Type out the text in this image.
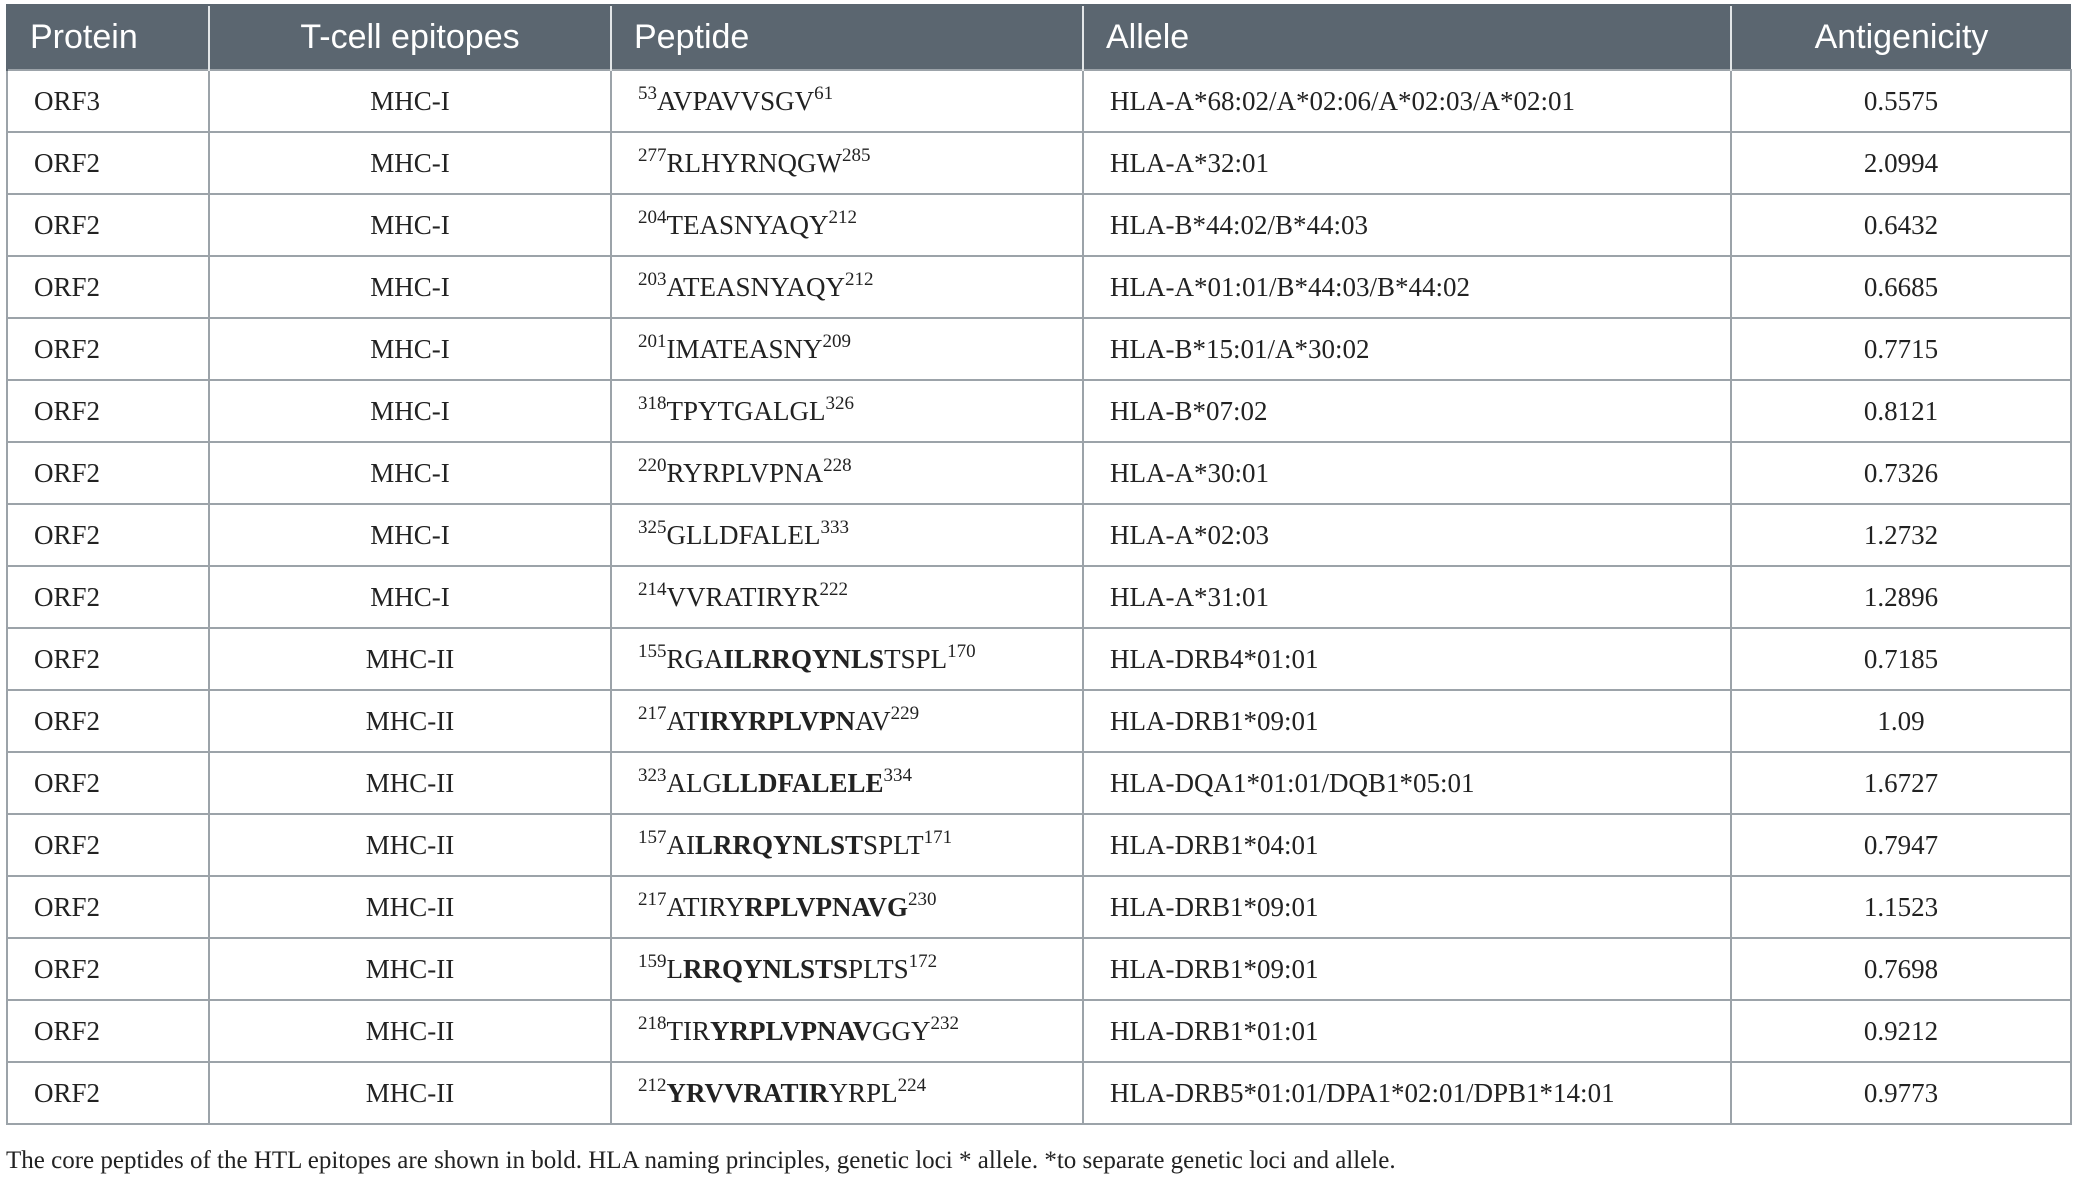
Protein	T-cell epitopes	Peptide	Allele	Antigenicity
ORF3	MHC-I	$^{53}$AVPAVVSGV$^{61}$	HLA-A*68:02/A*02:06/A*02:03/A*02:01	0.5575
ORF2	MHC-I	$^{277}$RLHYRNQGW$^{285}$	HLA-A*32:01	2.0994
ORF2	MHC-I	$^{204}$TEASNYAQY$^{212}$	HLA-B*44:02/B*44:03	0.6432
ORF2	MHC-I	$^{203}$ATEASNYAQY$^{212}$	HLA-A*01:01/B*44:03/B*44:02	0.6685
ORF2	MHC-I	$^{201}$IMATEASNY$^{209}$	HLA-B*15:01/A*30:02	0.7715
ORF2	MHC-I	$^{318}$TPYTGALGL$^{326}$	HLA-B*07:02	0.8121
ORF2	MHC-I	$^{220}$RYRPLVPNA$^{228}$	HLA-A*30:01	0.7326
ORF2	MHC-I	$^{325}$GLLDFALEL$^{333}$	HLA-A*02:03	1.2732
ORF2	MHC-I	$^{214}$VVRATIRYR$^{222}$	HLA-A*31:01	1.2896
ORF2	MHC-II	$^{155}$RGAILRRQYNLSTSPL$^{170}$	HLA-DRB4*01:01	0.7185
ORF2	MHC-II	$^{217}$ATIRYRPLVPNAV$^{229}$	HLA-DRB1*09:01	1.09
ORF2	MHC-II	$^{323}$ALGLLDFALELE$^{334}$	HLA-DQA1*01:01/DQB1*05:01	1.6727
ORF2	MHC-II	$^{157}$AILRRQYNLSTSPLT$^{171}$	HLA-DRB1*04:01	0.7947
ORF2	MHC-II	$^{217}$ATIRYRPLVPNAVG$^{230}$	HLA-DRB1*09:01	1.1523
ORF2	MHC-II	$^{159}$LRRQYNLSTSPLTS$^{172}$	HLA-DRB1*09:01	0.7698
ORF2	MHC-II	$^{218}$TIRYRPLVPNAVGGY$^{232}$	HLA-DRB1*01:01	0.9212
ORF2	MHC-II	$^{212}$YRVVRATIRYRPL$^{224}$	HLA-DRB5*01:01/DPA1*02:01/DPB1*14:01	0.9773
The core peptides of the HTL epitopes are shown in bold. HLA naming principles, genetic loci * allele. *to separate genetic loci and allele.
